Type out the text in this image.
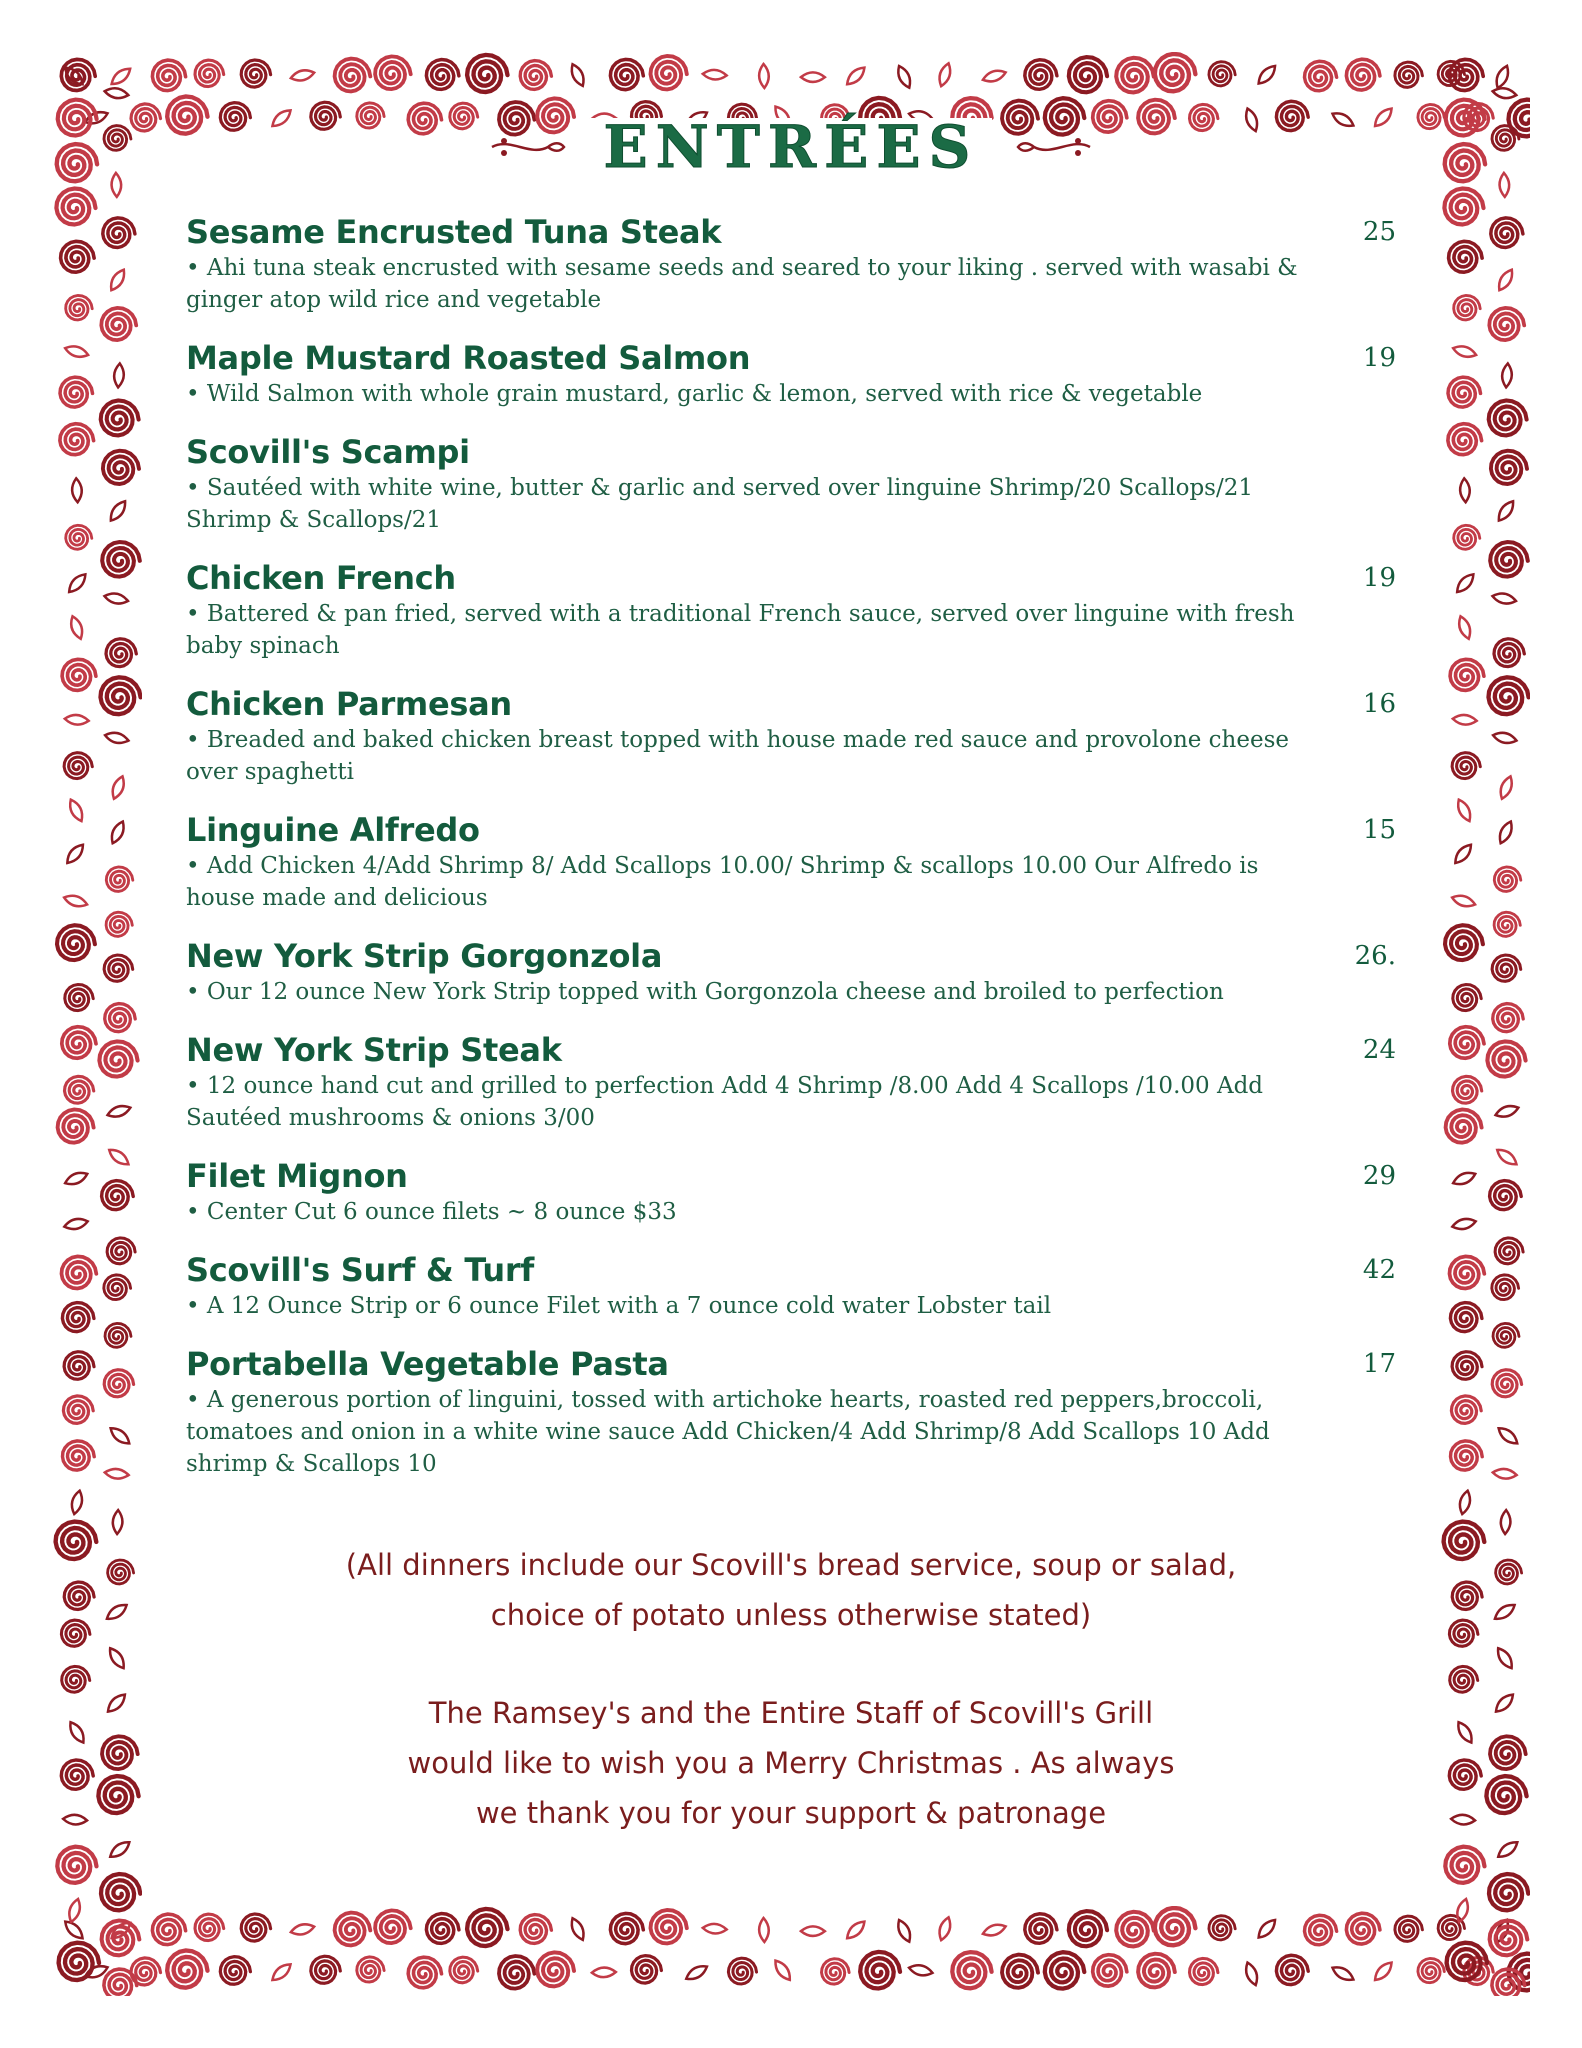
ENTRÉES
Sesame Encrusted Tuna Steak	25
• Ahi tuna steak encrusted with sesame seeds and seared to your liking . served with wasabi & ginger atop wild rice and vegetable
Maple Mustard Roasted Salmon	19
• Wild Salmon with whole grain mustard, garlic & lemon, served with rice & vegetable
Scovill's Scampi
• Sautéed with white wine, butter & garlic and served over linguine Shrimp/20 Scallops/21 Shrimp & Scallops/21
Chicken French	19
• Battered & pan fried, served with a traditional French sauce, served over linguine with fresh baby spinach
Chicken Parmesan	16
• Breaded and baked chicken breast topped with house made red sauce and provolone cheese over spaghetti
Linguine Alfredo	15
• Add Chicken 4/Add Shrimp 8/ Add Scallops 10.00/ Shrimp & scallops 10.00 Our Alfredo is house made and delicious
New York Strip Gorgonzola	26.
• Our 12 ounce New York Strip topped with Gorgonzola cheese and broiled to perfection
New York Strip Steak	24
• 12 ounce hand cut and grilled to perfection Add 4 Shrimp /8.00 Add 4 Scallops /10.00 Add Sautéed mushrooms & onions 3/00
Filet Mignon	29
• Center Cut 6 ounce filets ~ 8 ounce $33
Scovill's Surf & Turf	42
• A 12 Ounce Strip or 6 ounce Filet with a 7 ounce cold water Lobster tail
Portabella Vegetable Pasta	17
• A generous portion of linguini, tossed with artichoke hearts, roasted red peppers,broccoli, tomatoes and onion in a white wine sauce Add Chicken/4 Add Shrimp/8 Add Scallops 10 Add shrimp & Scallops 10
(All dinners include our Scovill's bread service, soup or salad,
choice of potato unless otherwise stated)
The Ramsey's and the Entire Staff of Scovill's Grill
would like to wish you a Merry Christmas . As always
we thank you for your support & patronage
